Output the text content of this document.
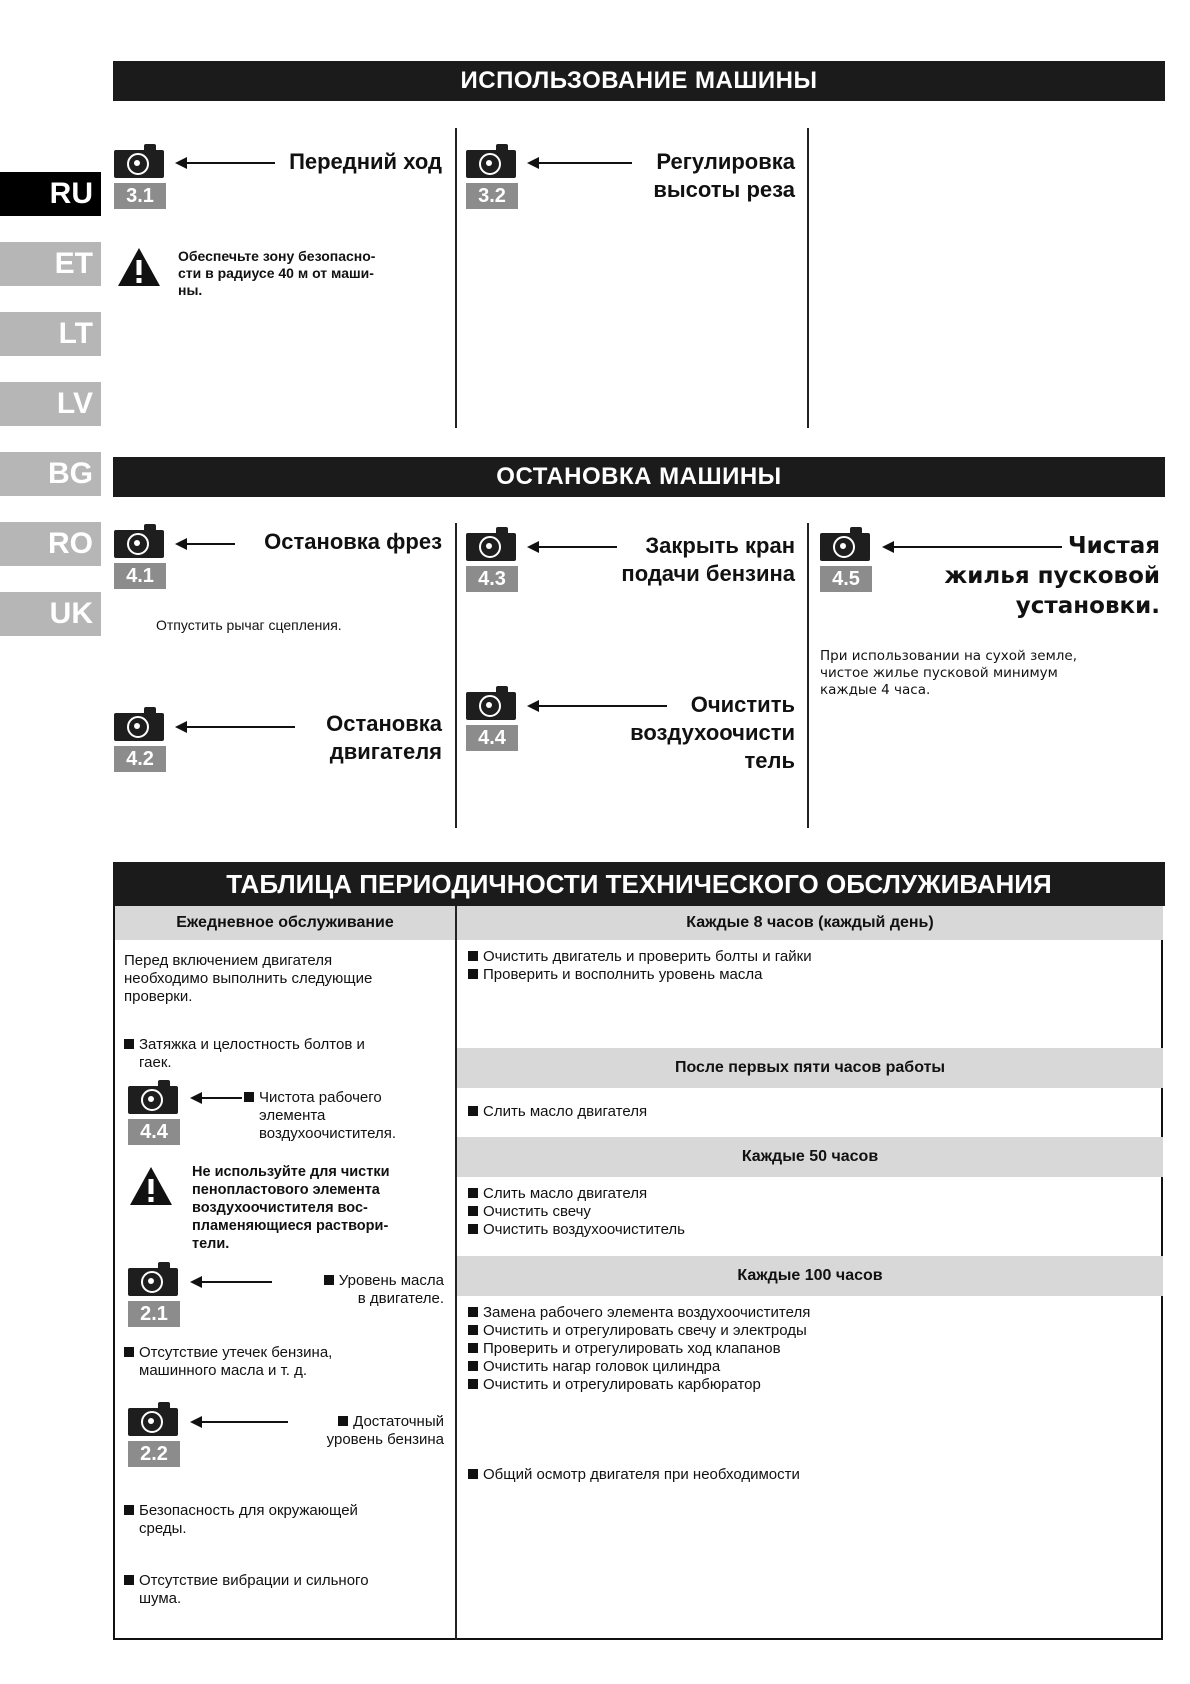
RU
ET
LT
LV
BG
RO
UK
ИСПОЛЬЗОВАНИЕ МАШИНЫ
3.1
Передний ход
Обеспечьте зону безопасно-
сти в радиусе 40 м от маши-
ны.
3.2
Регулировка
высоты реза
ОСТАНОВКА МАШИНЫ
4.1
Остановка фрез
Отпустить рычаг сцепления.
4.2
Остановка
двигателя
4.3
Закрыть кран
подачи бензина
4.4
Очистить
воздухоочисти
тель
4.5
Чистая
жилья пусковой
установки.
При использовании на сухой земле,
чистое жилье пусковой минимум
каждые 4 часа.
ТАБЛИЦА ПЕРИОДИЧНОСТИ ТЕХНИЧЕСКОГО ОБСЛУЖИВАНИЯ
Ежедневное обслуживание
Перед включением двигателя
необходимо выполнить следующие
проверки.
Затяжка и целостность болтов и
гаек.
4.4
Чистота рабочего
элемента
воздухоочистителя.
Не используйте для чистки
пенопластового элемента
воздухоочистителя вос-
пламеняющиеся раствори-
тели.
2.1
Уровень масла
в двигателе.
Отсутствие утечек бензина,
машинного масла и т. д.
2.2
Достаточный
уровень бензина
Безопасность для окружающей
среды.
Отсутствие вибрации и сильного
шума.
Каждые 8 часов (каждый день)
Очистить двигатель и проверить болты и гайки
Проверить и восполнить уровень масла
После первых пяти часов работы
Слить масло двигателя
Каждые 50 часов
Слить масло двигателя
Очистить свечу
Очистить воздухоочиститель
Каждые 100 часов
Замена рабочего элемента воздухоочистителя
Очистить и отрегулировать свечу и электроды
Проверить и отрегулировать ход клапанов
Очистить нагар головок цилиндра
Очистить и отрегулировать карбюратор
Общий осмотр двигателя при необходимости
